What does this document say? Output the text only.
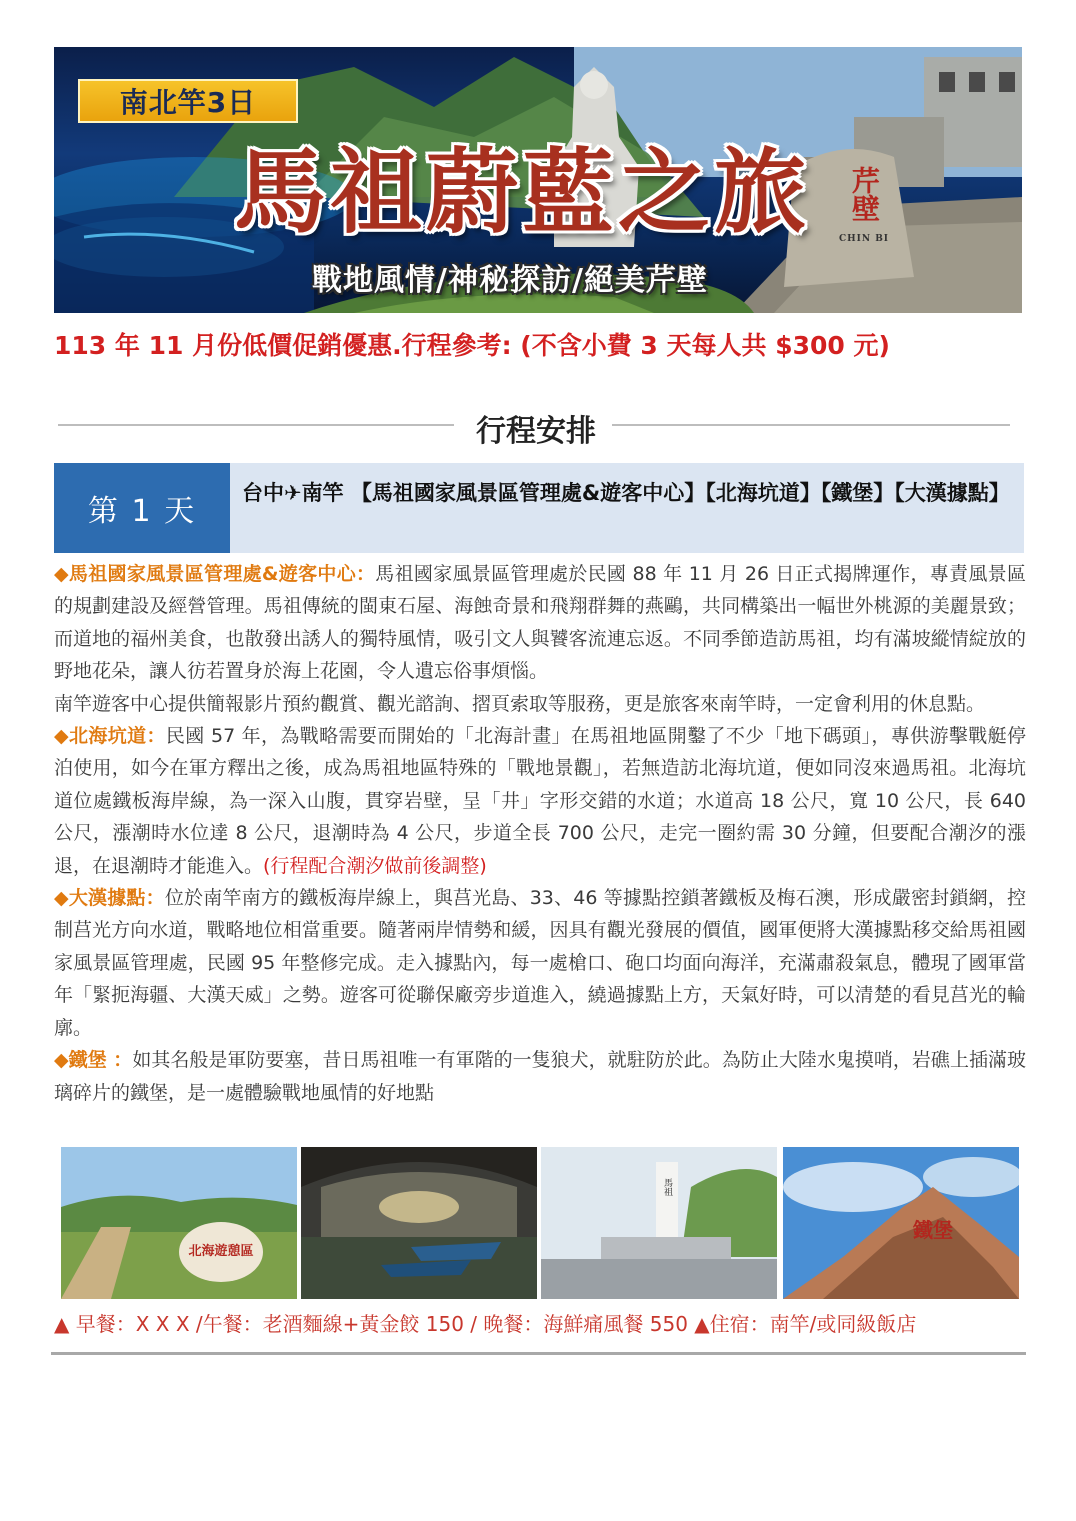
南北竿3日
馬祖蔚藍之旅
戰地風情/神秘探訪/絕美芹壁
芹壁
CHIN BI
113 年 11 月份低價促銷優惠.行程參考: (不含小費 3 天每人共 $300 元)
行程安排
第 1 天
台中✈南竿 【馬祖國家風景區管理處&遊客中心】【北海坑道】【鐵堡】【大漢據點】

◆馬祖國家風景區管理處&遊客中心：馬祖國家風景區管理處於民國 88 年 11 月 26 日正式揭牌運作，專責風景區的規劃建設及經營管理。馬祖傳統的閩東石屋、海蝕奇景和飛翔群舞的燕鷗，共同構築出一幅世外桃源的美麗景致；而道地的福州美食，也散發出誘人的獨特風情，吸引文人與饕客流連忘返。不同季節造訪馬祖，均有滿坡縱情綻放的野地花朵，讓人彷若置身於海上花園，令人遺忘俗事煩惱。

南竿遊客中心提供簡報影片預約觀賞、觀光諮詢、摺頁索取等服務，更是旅客來南竿時，一定會利用的休息點。

◆北海坑道：民國 57 年，為戰略需要而開始的「北海計畫」在馬祖地區開鑿了不少「地下碼頭」，專供游擊戰艇停泊使用，如今在軍方釋出之後，成為馬祖地區特殊的「戰地景觀」，若無造訪北海坑道，便如同沒來過馬祖。北海坑道位處鐵板海岸線，為一深入山腹，貫穿岩壁，呈「井」字形交錯的水道；水道高 18 公尺，寬 10 公尺，長 640 公尺，漲潮時水位達 8 公尺，退潮時為 4 公尺，步道全長 700 公尺，走完一圈約需 30 分鐘，但要配合潮汐的漲退，在退潮時才能進入。(行程配合潮汐做前後調整)

◆大漢據點：位於南竿南方的鐵板海岸線上，與莒光島、33、46 等據點控鎖著鐵板及梅石澳，形成嚴密封鎖網，控制莒光方向水道，戰略地位相當重要。隨著兩岸情勢和緩，因具有觀光發展的價值，國軍便將大漢據點移交給馬祖國家風景區管理處，民國 95 年整修完成。走入據點內，每一處槍口、砲口均面向海洋，充滿肅殺氣息，體現了國軍當年「緊扼海疆、大漢天威」之勢。遊客可從聯保廠旁步道進入，繞過據點上方，天氣好時，可以清楚的看見莒光的輪廓。

◆鐵堡 ：如其名般是軍防要塞，昔日馬祖唯一有軍階的一隻狼犬，就駐防於此。為防止大陸水鬼摸哨，岩礁上插滿玻璃碎片的鐵堡，是一處體驗戰地風情的好地點

北海遊憩區
馬祖
鐵堡
▲ 早餐：X X X /午餐：老酒麵線+黃金餃 150 / 晚餐：海鮮痛風餐 550 ▲住宿：南竿/或同級飯店
